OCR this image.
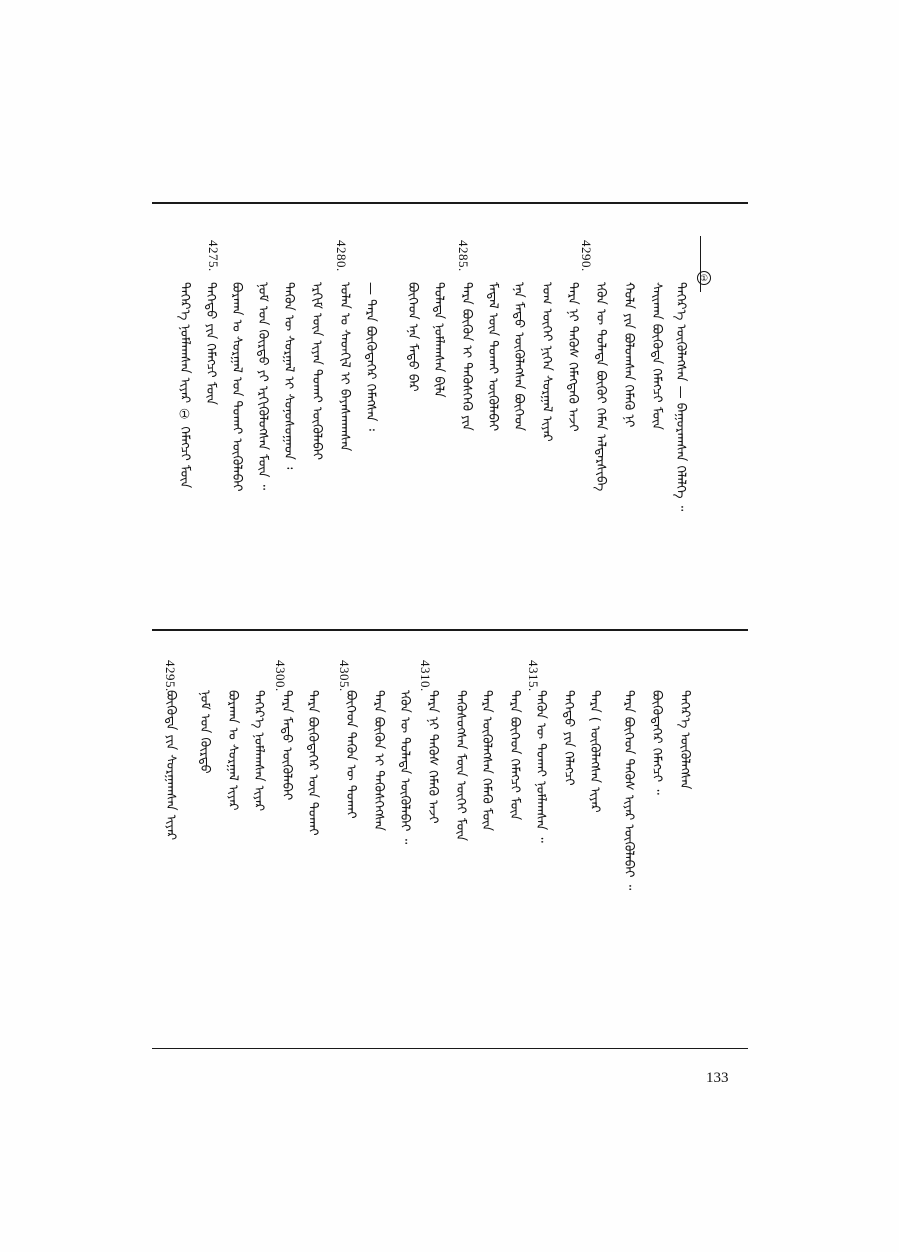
①
4275.	4280.	4285.	4290.
ᠳᠡᠭᠡᠷ᠎ᠡ ᠦᠭᠦᠯᠡᠭᠰᠡᠨ — ᠪᠠᠭᠤᠷᠠᠭᠰᠠᠨ ᠬᠡᠯᠡᠯᠭᠡ ᠃
ᠰᠠᠢᠬᠠᠨ ᠪᠦᠭᠦᠳᠡ ᠬᠡᠮᠡᠭᠴᠢ ᠮᠥᠨ
ᠬᠣᠯᠠ ᠶᠢᠨ ᠪᠣᠯᠤᠭᠰᠠᠨ ᠬᠡᠮᠡᠬᠦ ᠨᠢ
ᠡᠭᠦᠨ ᠦ ᠲᠤᠯᠠᠳᠠ ᠪᠦᠬᠦᠢ ᠬᠡᠮᠡᠨ ᠠᠯᠳᠠᠷᠰᠢᠪᠠ
ᠲᠡᠷᠡ ᠨᠢ ᠲᠡᠭᠦᠰ ᠬᠡᠮᠡᠭᠳᠡᠬᠦ ᠠᠵᠢ
ᠤᠭ ᠦᠭᠡᠢ ᠨᠢᠭᠡᠨ ᠰᠤᠷᠭᠠᠯ ᠢᠶᠠᠷ
ᠡᠨᠡ ᠮᠡᠲᠦ ᠦᠭᠦᠯᠡᠭᠰᠡᠨ ᠪᠥᠭᠡᠳ
ᠮᠡᠳᠡᠯ ᠦᠨ ᠲᠤᠬᠠᠢ ᠦᠭᠦᠯᠡᠪᠡᠢ
ᠲᠡᠷᠡ ᠪᠦᠬᠦᠨ ᠢ ᠲᠡᠭᠦᠰᠭᠡᠬᠦ ᠶᠢᠨ
ᠲᠤᠯᠠᠳᠠ ᠨᠣᠮᠯᠠᠭᠰᠠᠨ ᠪᠢᠯᠡ
ᠪᠥᠭᠡᠳ ᠡᠨᠡ ᠮᠡᠲᠦ ᠪᠡᠷ
— ᠲᠡᠷᠡ ᠪᠦᠭᠦᠳᠡᠭᠡᠷ ᠬᠡᠮᠡᠭᠰᠡᠨ ᠄
ᠣᠯᠠᠨ ᠤ ᠰᠡᠳᠬᠢᠯ ᠢ ᠪᠠᠶᠠᠰᠬᠠᠭᠰᠠᠨ
ᠡᠷᠬᠢᠮ ᠦᠨ ᠢᠶᠡᠨ ᠲᠤᠬᠠᠢ ᠦᠭᠦᠯᠡᠪᠡᠢ
ᠲᠡᠭᠦᠨ ᠦ ᠰᠤᠷᠭᠠᠯ ᠢ ᠰᠣᠨᠣᠰᠤᠭᠠᠳ ᠄
ᠨᠣᠮ ᠤᠨ ᠬᠦᠷᠳᠦ ᠶᠢ ᠡᠷᠭᠢᠭᠦᠯᠦᠭᠰᠡᠨ ᠮᠥᠨ ᠃
ᠪᠤᠷᠬᠠᠨ ᠤ ᠰᠤᠷᠭᠠᠯ ᠤᠨ ᠲᠤᠬᠠᠢ ᠦᠭᠦᠯᠡᠪᠡᠢ
ᠳᠡᠭᠡᠳᠦ ᠶᠢᠨ ᠬᠡᠮᠡᠭᠴᠢ ᠮᠥᠨ
ᠳᠡᠭᠡᠷ᠎ᠡ ᠨᠣᠮᠯᠠᠭᠰᠠᠨ ᠢᠶᠠᠷ ① ᠬᠡᠮᠡᠭᠴᠢ ᠮᠥᠨ
4315.
4310.
4305.
4300.
4295.
ᠳᠡᠭᠡᠷ᠎ᠡ ᠦᠭᠦᠯᠡᠭᠰᠡᠨ
ᠪᠦᠬᠦᠳᠡᠭᠡᠷ ᠬᠡᠮᠡᠭᠴᠢ ᠃
ᠲᠡᠷᠡ ᠪᠥᠭᠡᠳ ᠲᠡᠭᠦᠰ ᠢᠶᠡᠷ ᠦᠭᠦᠯᠡᠪᠡᠢ ᠃
ᠲᠡᠷᠡ ( ᠦᠭᠦᠯᠡᠭᠰᠡᠨ ᠢᠶᠡᠷ
ᠳᠡᠭᠡᠳᠦ ᠶᠢᠨ ᠬᠡᠯᠡᠭᠴᠢ
ᠲᠡᠭᠦᠨ ᠦ ᠲᠤᠬᠠᠢ ᠨᠣᠮᠯᠠᠭᠰᠠᠨ ᠃
ᠲᠡᠷᠡ ᠪᠥᠭᠡᠳ ᠬᠡᠮᠡᠭᠴᠢ ᠮᠥᠨ
ᠲᠡᠷᠡ ᠦᠭᠦᠯᠡᠭᠰᠡᠨ ᠬᠡᠮᠡᠬᠦ ᠮᠥᠨ
ᠲᠡᠭᠦᠰᠦᠭᠰᠡᠨ ᠮᠥᠨ ᠦᠭᠡᠢ ᠮᠥᠨ
ᠲᠡᠷᠡ ᠨᠢ ᠲᠡᠭᠦᠰ ᠬᠡᠮᠡᠬᠦ ᠠᠵᠢ
ᠡᠭᠦᠨ ᠦ ᠲᠤᠯᠠᠳᠠ ᠦᠭᠦᠯᠡᠪᠡᠢ ᠃
ᠲᠡᠷᠡ ᠪᠦᠬᠦᠨ ᠢ ᠲᠡᠭᠦᠰᠭᠡᠭᠰᠡᠨ
ᠪᠥᠭᠡᠳ ᠲᠡᠭᠦᠨ ᠦ ᠲᠤᠬᠠᠢ
ᠲᠡᠷᠡ ᠪᠦᠭᠦᠳᠡᠭᠡᠷ ᠦᠨ ᠲᠤᠬᠠᠢ
ᠲᠡᠷᠡ ᠮᠡᠲᠦ ᠦᠭᠦᠯᠡᠪᠡᠢ
ᠳᠡᠭᠡᠷ᠎ᠡ ᠨᠣᠮᠯᠠᠭᠰᠠᠨ ᠢᠶᠠᠷ
ᠪᠤᠷᠬᠠᠨ ᠤ ᠰᠤᠷᠭᠠᠯ ᠢᠶᠠᠷ
ᠨᠣᠮ ᠤᠨ ᠬᠦᠷᠳᠦ
ᠪᠦᠬᠦᠳᠡ ᠶᠢᠨ ᠰᠤᠷᠭᠠᠭᠰᠠᠨ ᠢᠶᠠᠷ
133
